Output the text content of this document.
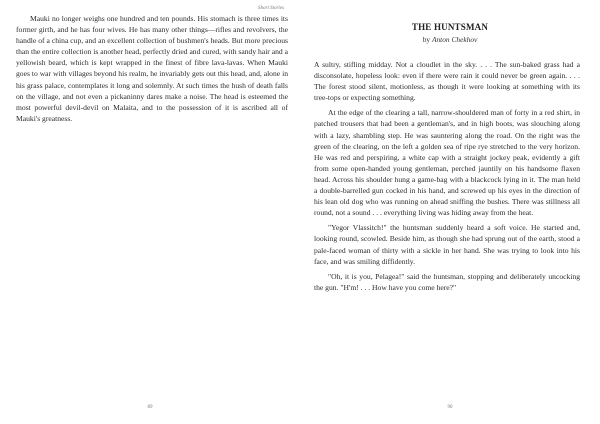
Short Stories

Mauki no longer weighs one hundred and ten pounds. His stomach is three times its former girth, and he has four wives. He has many other things—rifles and revolvers, the handle of a china cup, and an excellent collection of bushmen's heads. But more precious than the entire collection is another head, perfectly dried and cured, with sandy hair and a yellowish beard, which is kept wrapped in the finest of fibre lava-lavas. When Mauki goes to war with villages beyond his realm, he invariably gets out this head, and, alone in his grass palace, contemplates it long and solemnly. At such times the hush of death falls on the village, and not even a pickaninny dares make a noise. The head is esteemed the most powerful devil-devil on Malaita, and to the possession of it is ascribed all of Mauki's greatness.

89
THE HUNTSMAN
by Anton Chekhov

A sultry, stifling midday. Not a cloudlet in the sky. . . . The sun-baked grass had a disconsolate, hopeless look: even if there were rain it could never be green again. . . . The forest stood silent, motionless, as though it were looking at something with its tree-tops or expecting something.

At the edge of the clearing a tall, narrow-shouldered man of forty in a red shirt, in patched trousers that had been a gentleman's, and in high boots, was slouching along with a lazy, shambling step. He was sauntering along the road. On the right was the green of the clearing, on the left a golden sea of ripe rye stretched to the very horizon. He was red and perspiring, a white cap with a straight jockey peak, evidently a gift from some open-handed young gentleman, perched jauntily on his handsome flaxen head. Across his shoulder hung a game-bag with a blackcock lying in it. The man held a double-barrelled gun cocked in his hand, and screwed up his eyes in the direction of his lean old dog who was running on ahead sniffing the bushes. There was stillness all round, not a sound . . . everything living was hiding away from the heat.

"Yegor Vlassitch!" the huntsman suddenly heard a soft voice. He started and, looking round, scowled. Beside him, as though she had sprung out of the earth, stood a pale-faced woman of thirty with a sickle in her hand. She was trying to look into his face, and was smiling diffidently.

"Oh, it is you, Pelagea!" said the huntsman, stopping and deliberately uncocking the gun. "H'm! . . . How have you come here?"

90
